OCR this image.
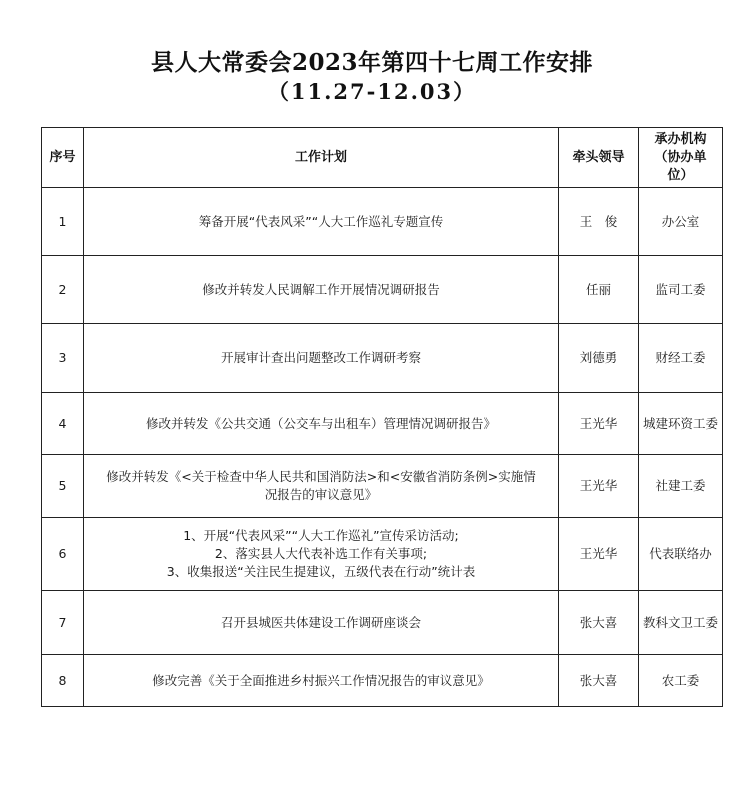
县人大常委会2023年第四十七周工作安排
（11.27-12.03）
序号	工作计划	牵头领导	承办机构（协办单位）
1	筹备开展“代表风采”“人大工作巡礼专题宣传	王　俊	办公室
2	修改并转发人民调解工作开展情况调研报告	任丽	监司工委
3	开展审计查出问题整改工作调研考察	刘德勇	财经工委
4	修改并转发《公共交通（公交车与出租车）管理情况调研报告》	王光华	城建环资工委
5	修改并转发《<关于检查中华人民共和国消防法>和<安徽省消防条例>实施情
况报告的审议意见》	王光华	社建工委
6	1、开展“代表风采”“人大工作巡礼”宣传采访活动;
2、落实县人大代表补选工作有关事项;
3、收集报送“关注民生提建议，五级代表在行动”统计表	王光华	代表联络办
7	召开县城医共体建设工作调研座谈会	张大喜	教科文卫工委
8	修改完善《关于全面推进乡村振兴工作情况报告的审议意见》	张大喜	农工委
